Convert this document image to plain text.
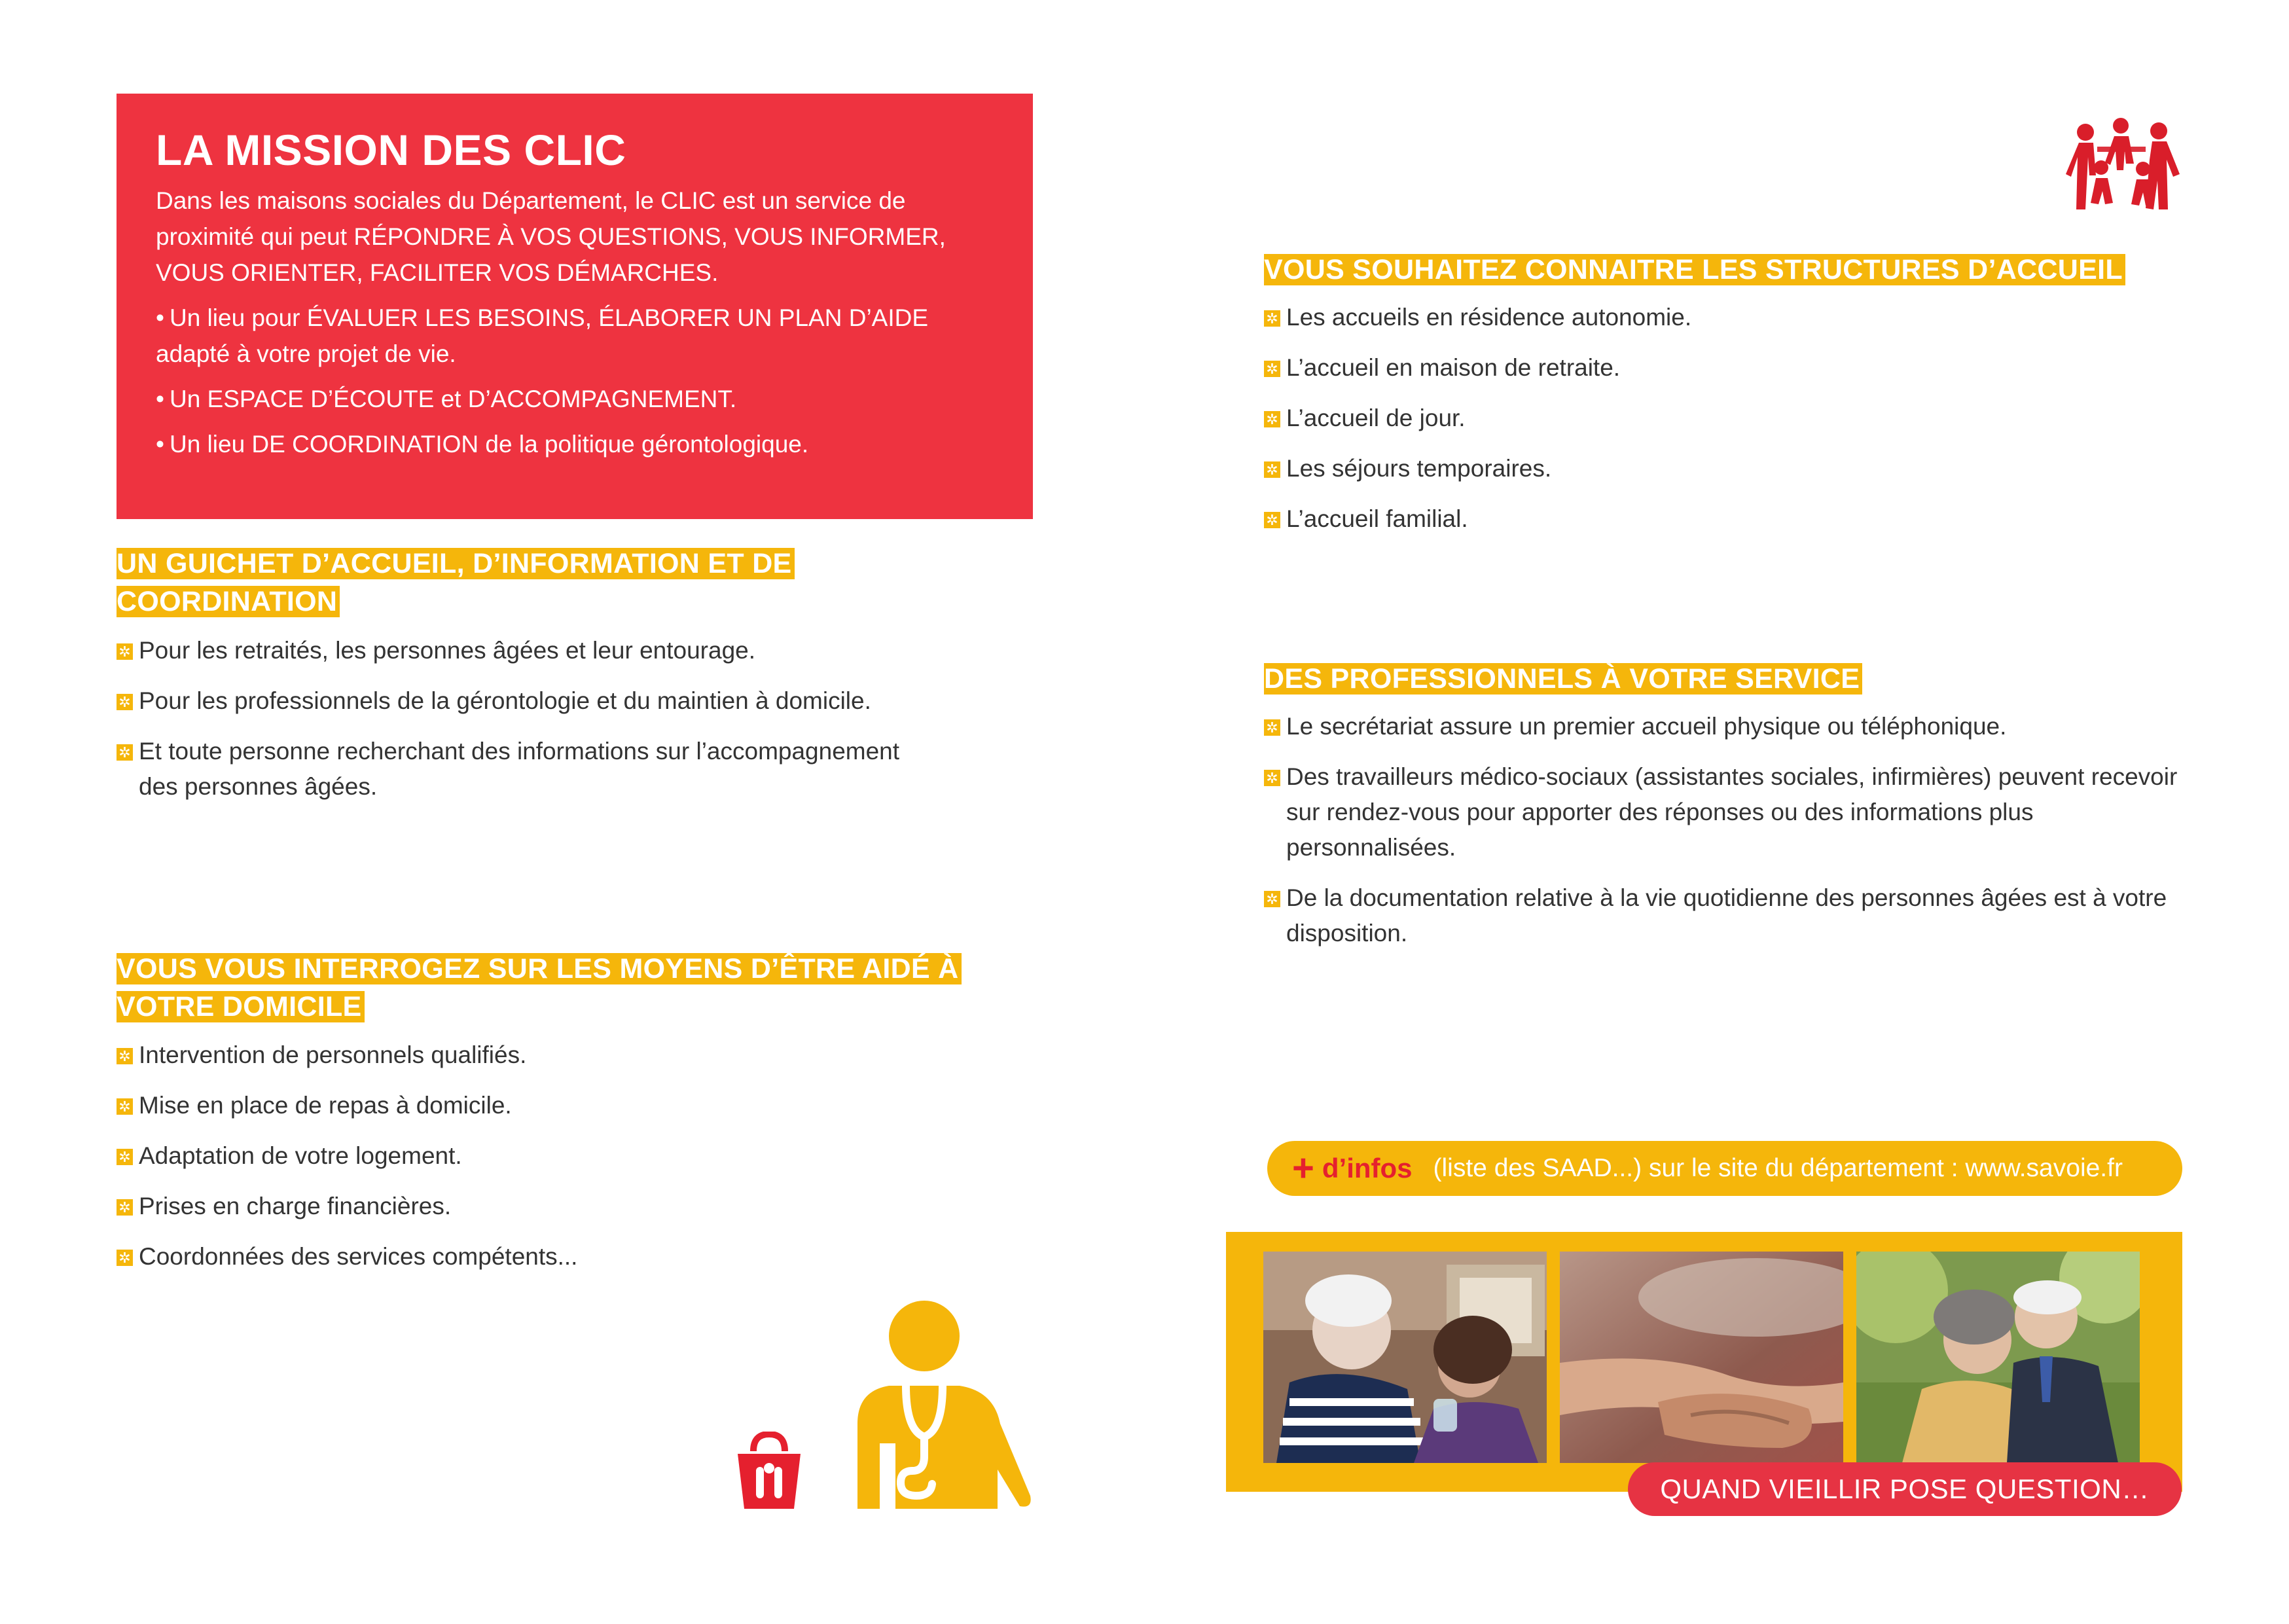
LA MISSION DES CLIC

Dans les maisons sociales du Département, le CLIC est un service de proximité qui peut RÉPONDRE À VOS QUESTIONS, VOUS INFORMER, VOUS ORIENTER, FACILITER VOS DÉMARCHES.

• Un lieu pour ÉVALUER LES BESOINS, ÉLABORER UN PLAN D’AIDE adapté à votre projet de vie.

• Un ESPACE D’ÉCOUTE et D’ACCOMPAGNEMENT.

• Un lieu DE COORDINATION de la politique gérontologique.

UN GUICHET D’ACCUEIL, D’INFORMATION ET DE COORDINATION
✲ Pour les retraités, les personnes âgées et leur entourage.
✲ Pour les professionnels de la gérontologie et du maintien à domicile.
✲ Et toute personne recherchant des informations sur l’accompagnement des personnes âgées.
VOUS VOUS INTERROGEZ SUR LES MOYENS D’ÊTRE AIDÉ À VOTRE DOMICILE
✲ Intervention de personnels qualifiés.
✲ Mise en place de repas à domicile.
✲ Adaptation de votre logement.
✲ Prises en charge financières.
✲ Coordonnées des services compétents...
VOUS SOUHAITEZ CONNAITRE LES STRUCTURES D’ACCUEIL
✲ Les accueils en résidence autonomie.
✲ L’accueil en maison de retraite.
✲ L’accueil de jour.
✲ Les séjours temporaires.
✲ L’accueil familial.
DES PROFESSIONNELS À VOTRE SERVICE
✲ Le secrétariat assure un premier accueil physique ou téléphonique.
✲ Des travailleurs médico-sociaux (assistantes sociales, infirmières) peuvent recevoir sur rendez-vous pour apporter des réponses ou des informations plus personnalisées.
✲ De la documentation relative à la vie quotidienne des personnes âgées est à votre disposition.
+ d’infos (liste des SAAD...) sur le site du département : www.savoie.fr
QUAND VIEILLIR POSE QUESTION…
